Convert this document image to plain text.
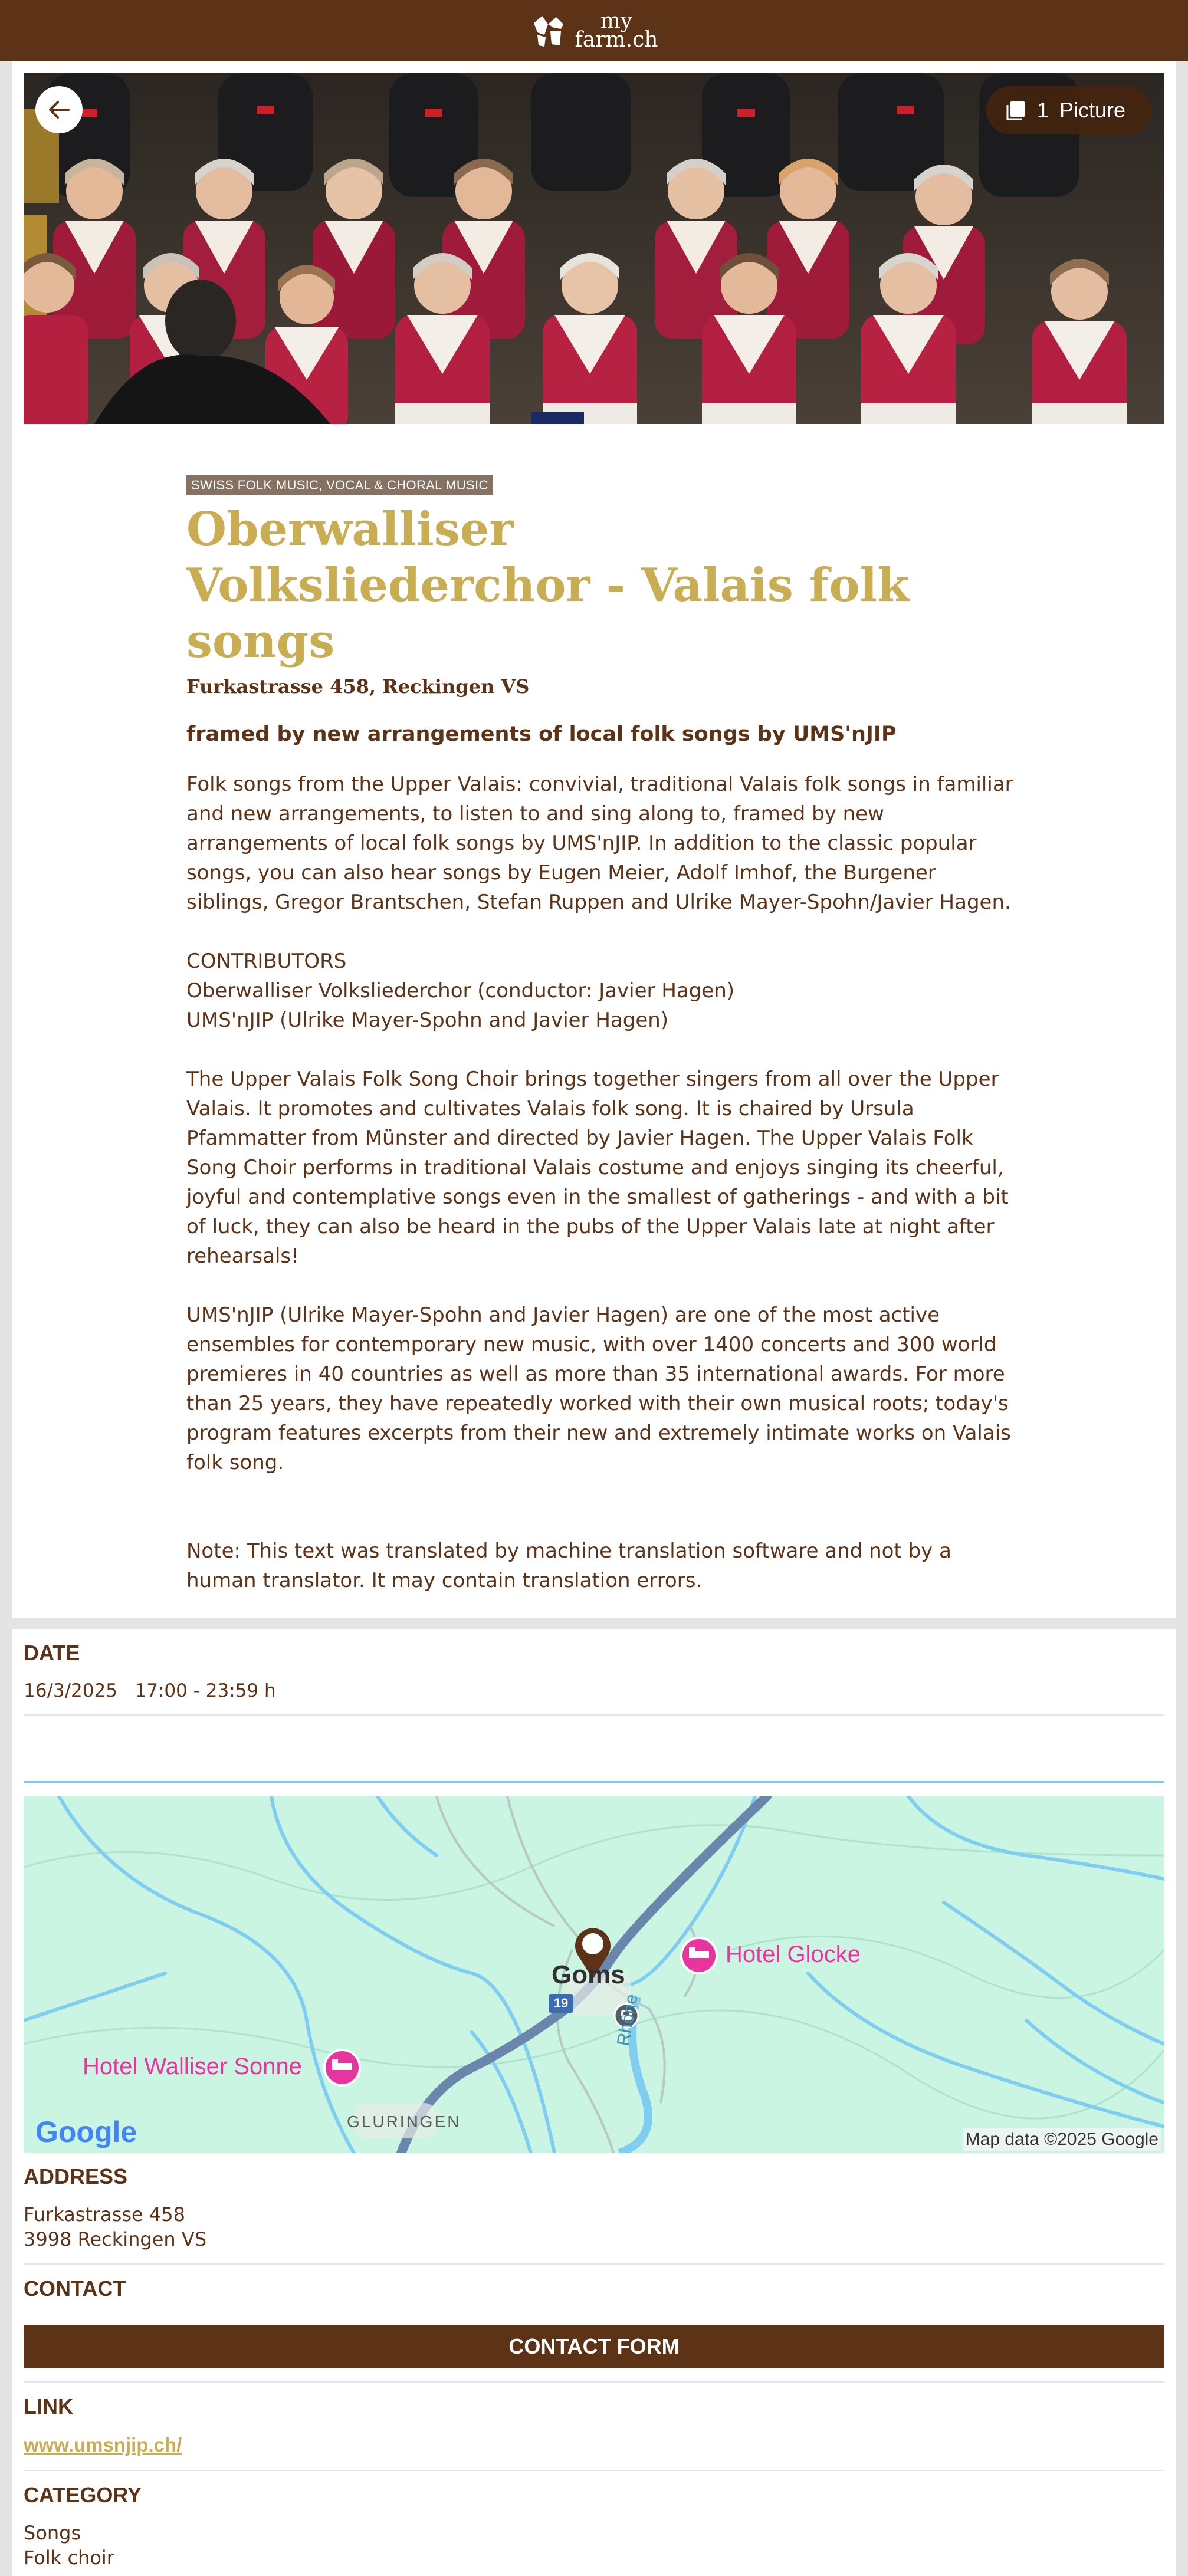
my
farm.ch
1 Picture
SWISS FOLK MUSIC, VOCAL & CHORAL MUSIC
Oberwalliser Volksliederchor - Valais folk songs
Furkastrasse 458, Reckingen VS
framed by new arrangements of local folk songs by UMS'nJIP

Folk songs from the Upper Valais: convivial, traditional Valais folk songs in familiar and new arrangements, to listen to and sing along to, framed by new arrangements of local folk songs by UMS'nJIP. In addition to the classic popular songs, you can also hear songs by Eugen Meier, Adolf Imhof, the Burgener siblings, Gregor Brantschen, Stefan Ruppen and Ulrike Mayer-Spohn/Javier Hagen.

CONTRIBUTORS
Oberwalliser Volksliederchor (conductor: Javier Hagen)
UMS'nJIP (Ulrike Mayer-Spohn and Javier Hagen)

The Upper Valais Folk Song Choir brings together singers from all over the Upper Valais. It promotes and cultivates Valais folk song. It is chaired by Ursula Pfammatter from Münster and directed by Javier Hagen. The Upper Valais Folk Song Choir performs in traditional Valais costume and enjoys singing its cheerful, joyful and contemplative songs even in the smallest of gatherings - and with a bit of luck, they can also be heard in the pubs of the Upper Valais late at night after rehearsals!

UMS'nJIP (Ulrike Mayer-Spohn and Javier Hagen) are one of the most active ensembles for contemporary new music, with over 1400 concerts and 300 world premieres in 40 countries as well as more than 35 international awards. For more than 25 years, they have repeatedly worked with their own musical roots; today's program features excerpts from their new and extremely intimate works on Valais folk song.

Note: This text was translated by machine translation software and not by a human translator. It may contain translation errors.

DATE
16/3/2025 17:00 - 23:59 h
19
Goms
Hotel Glocke
Hotel Walliser Sonne
GLURINGEN
Rhône
Google	Map data ©2025 Google
ADDRESS
Furkastrasse 458
3998 Reckingen VS
CONTACT
CONTACT FORM
LINK
www.umsnjip.ch/
CATEGORY
Songs
Folk choir
